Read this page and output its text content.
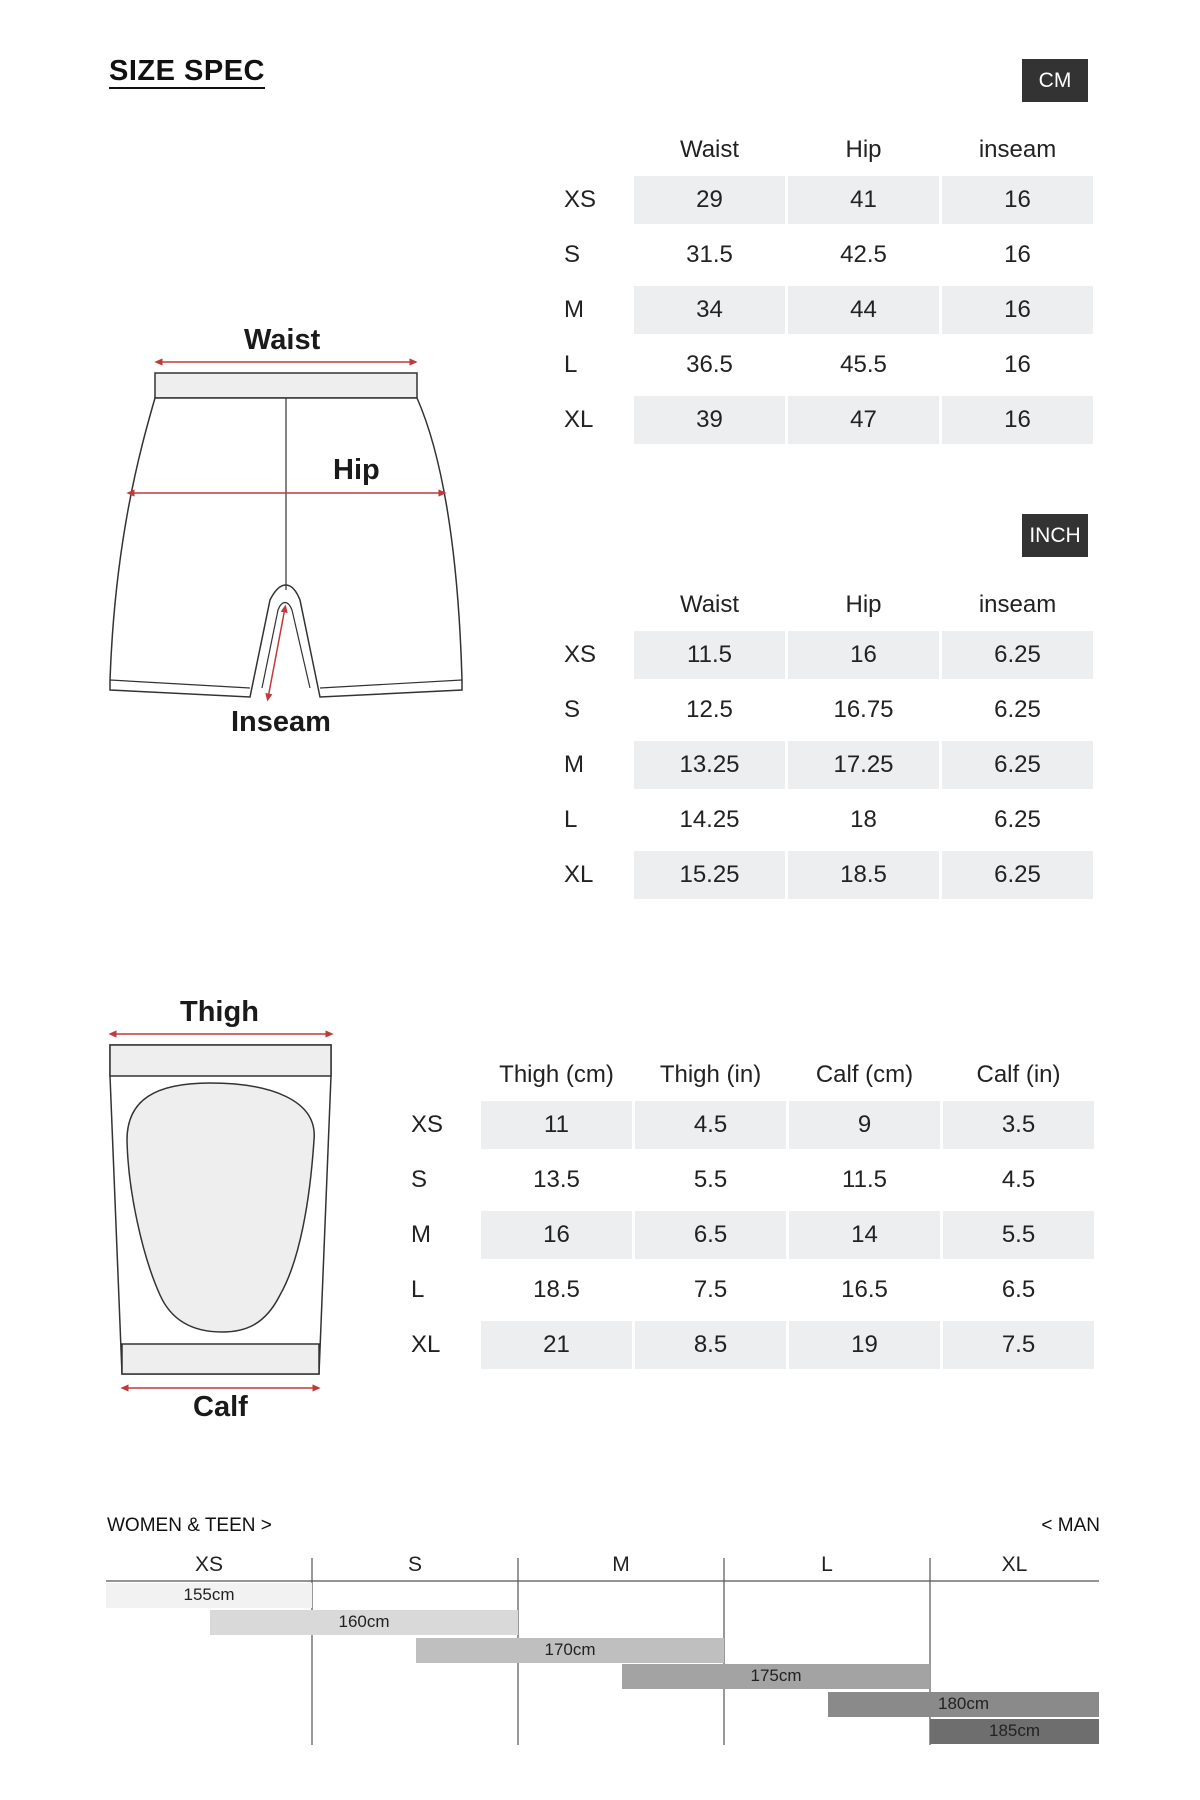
SIZE SPEC
Waist
Hip
Inseam
CM
	Waist	Hip	inseam
XS	29	41	16
S	31.5	42.5	16
M	34	44	16
L	36.5	45.5	16
XL	39	47	16
INCH
	Waist	Hip	inseam
XS	11.5	16	6.25
S	12.5	16.75	6.25
M	13.25	17.25	6.25
L	14.25	18	6.25
XL	15.25	18.5	6.25
Thigh
Calf
	Thigh (cm)	Thigh (in)	Calf (cm)	Calf (in)
XS	11	4.5	9	3.5
S	13.5	5.5	11.5	4.5
M	16	6.5	14	5.5
L	18.5	7.5	16.5	6.5
XL	21	8.5	19	7.5
WOMEN & TEEN >	< MAN
XS	S	M	L	XL
155cm
160cm
170cm
175cm
180cm
185cm
